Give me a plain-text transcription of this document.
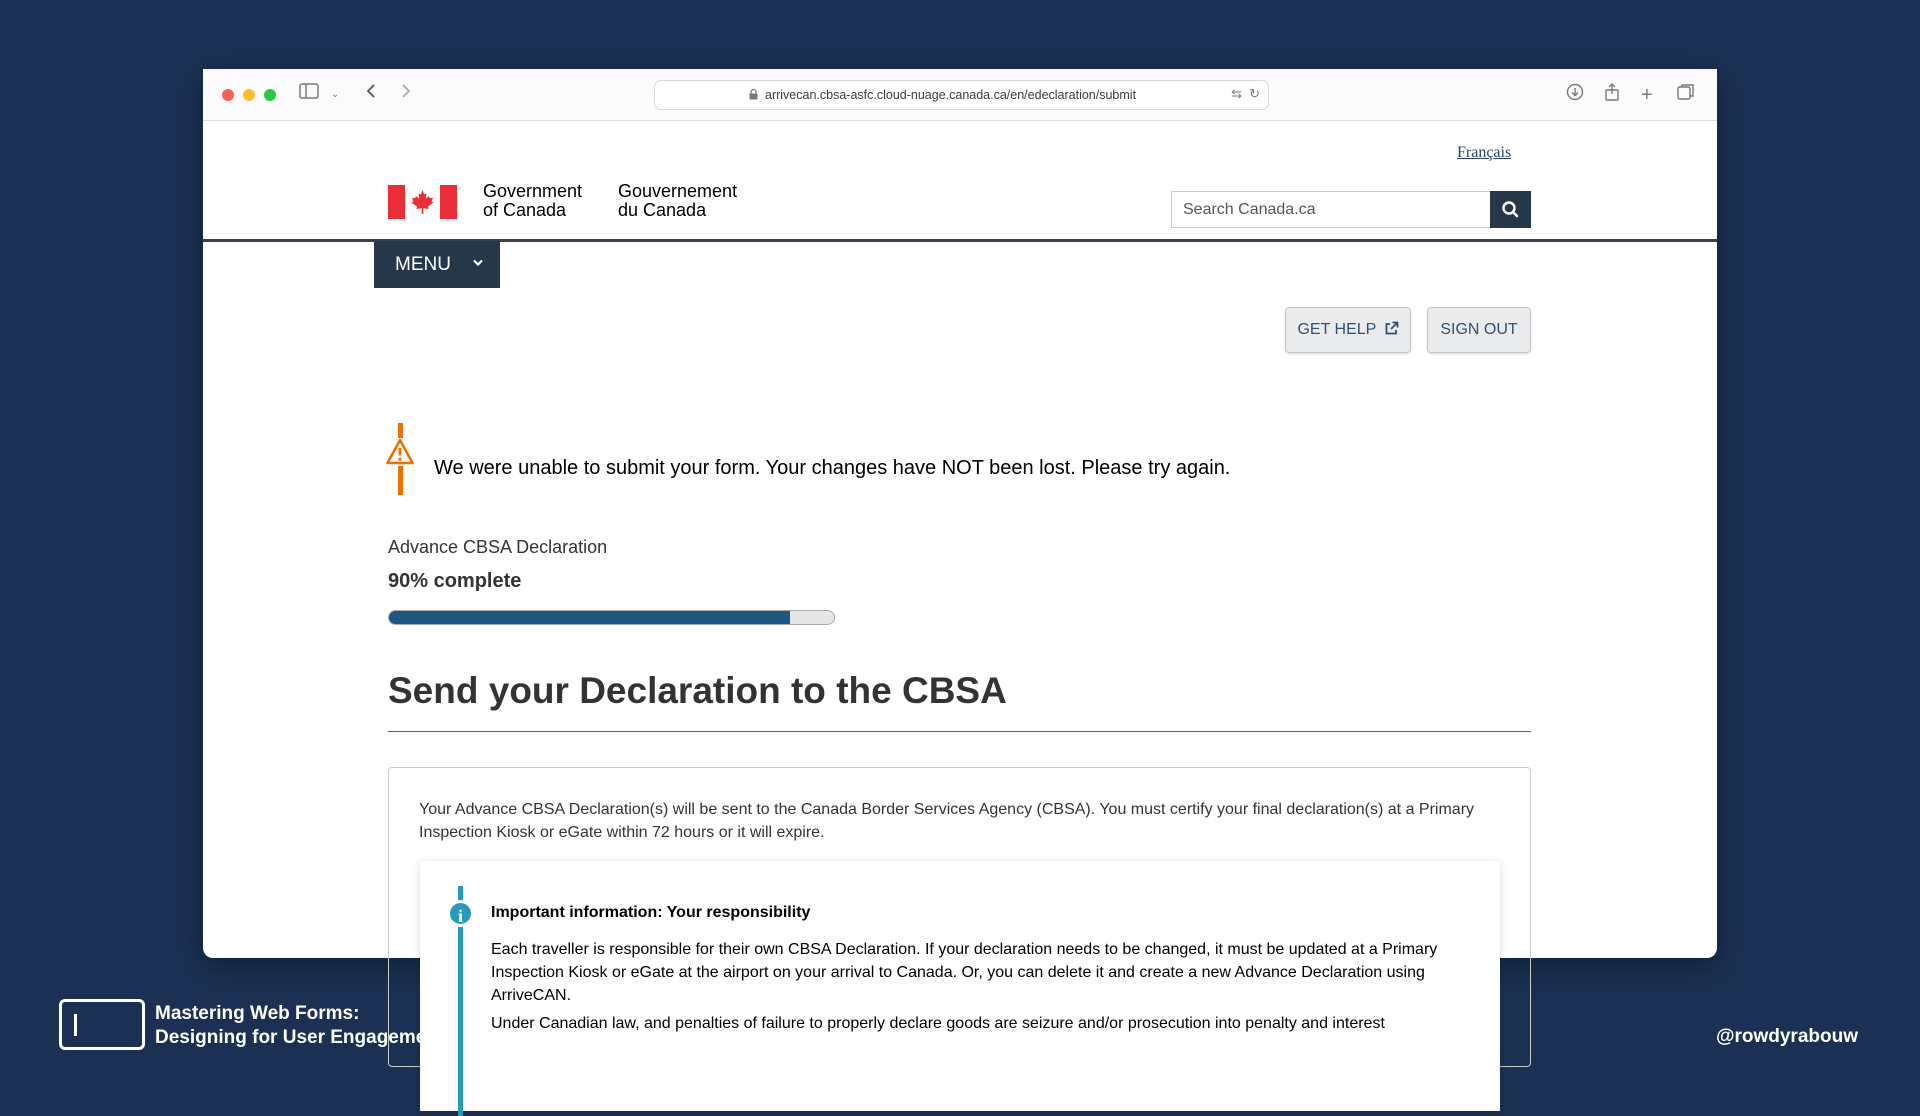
⌄	arrivecan.cbsa-asfc.cloud-nuage.canada.ca/en/edeclaration/submit	⇆ ↻	+
Français
Government
of Canada
Gouvernement
du Canada	Search Canada.ca
MENU
GET HELP	SIGN OUT
We were unable to submit your form. Your changes have NOT been lost. Please try again.
Advance CBSA Declaration
90% complete
Send your Declaration to the CBSA

Your Advance CBSA Declaration(s) will be sent to the Canada Border Services Agency (CBSA). You must certify your final declaration(s) at a Primary Inspection Kiosk or eGate within 72 hours or it will expire.

i	Important information: Your responsibility

Each traveller is responsible for their own CBSA Declaration. If your declaration needs to be changed, it must be updated at a Primary Inspection Kiosk or eGate at the airport on your arrival to Canada. Or, you can delete it and create a new Advance Declaration using ArriveCAN.

Under Canadian law, and penalties of failure to properly declare goods are seizure and/or prosecution into penalty and interest

Mastering Web Forms:
Designing for User Engagement	@rowdyrabouw
